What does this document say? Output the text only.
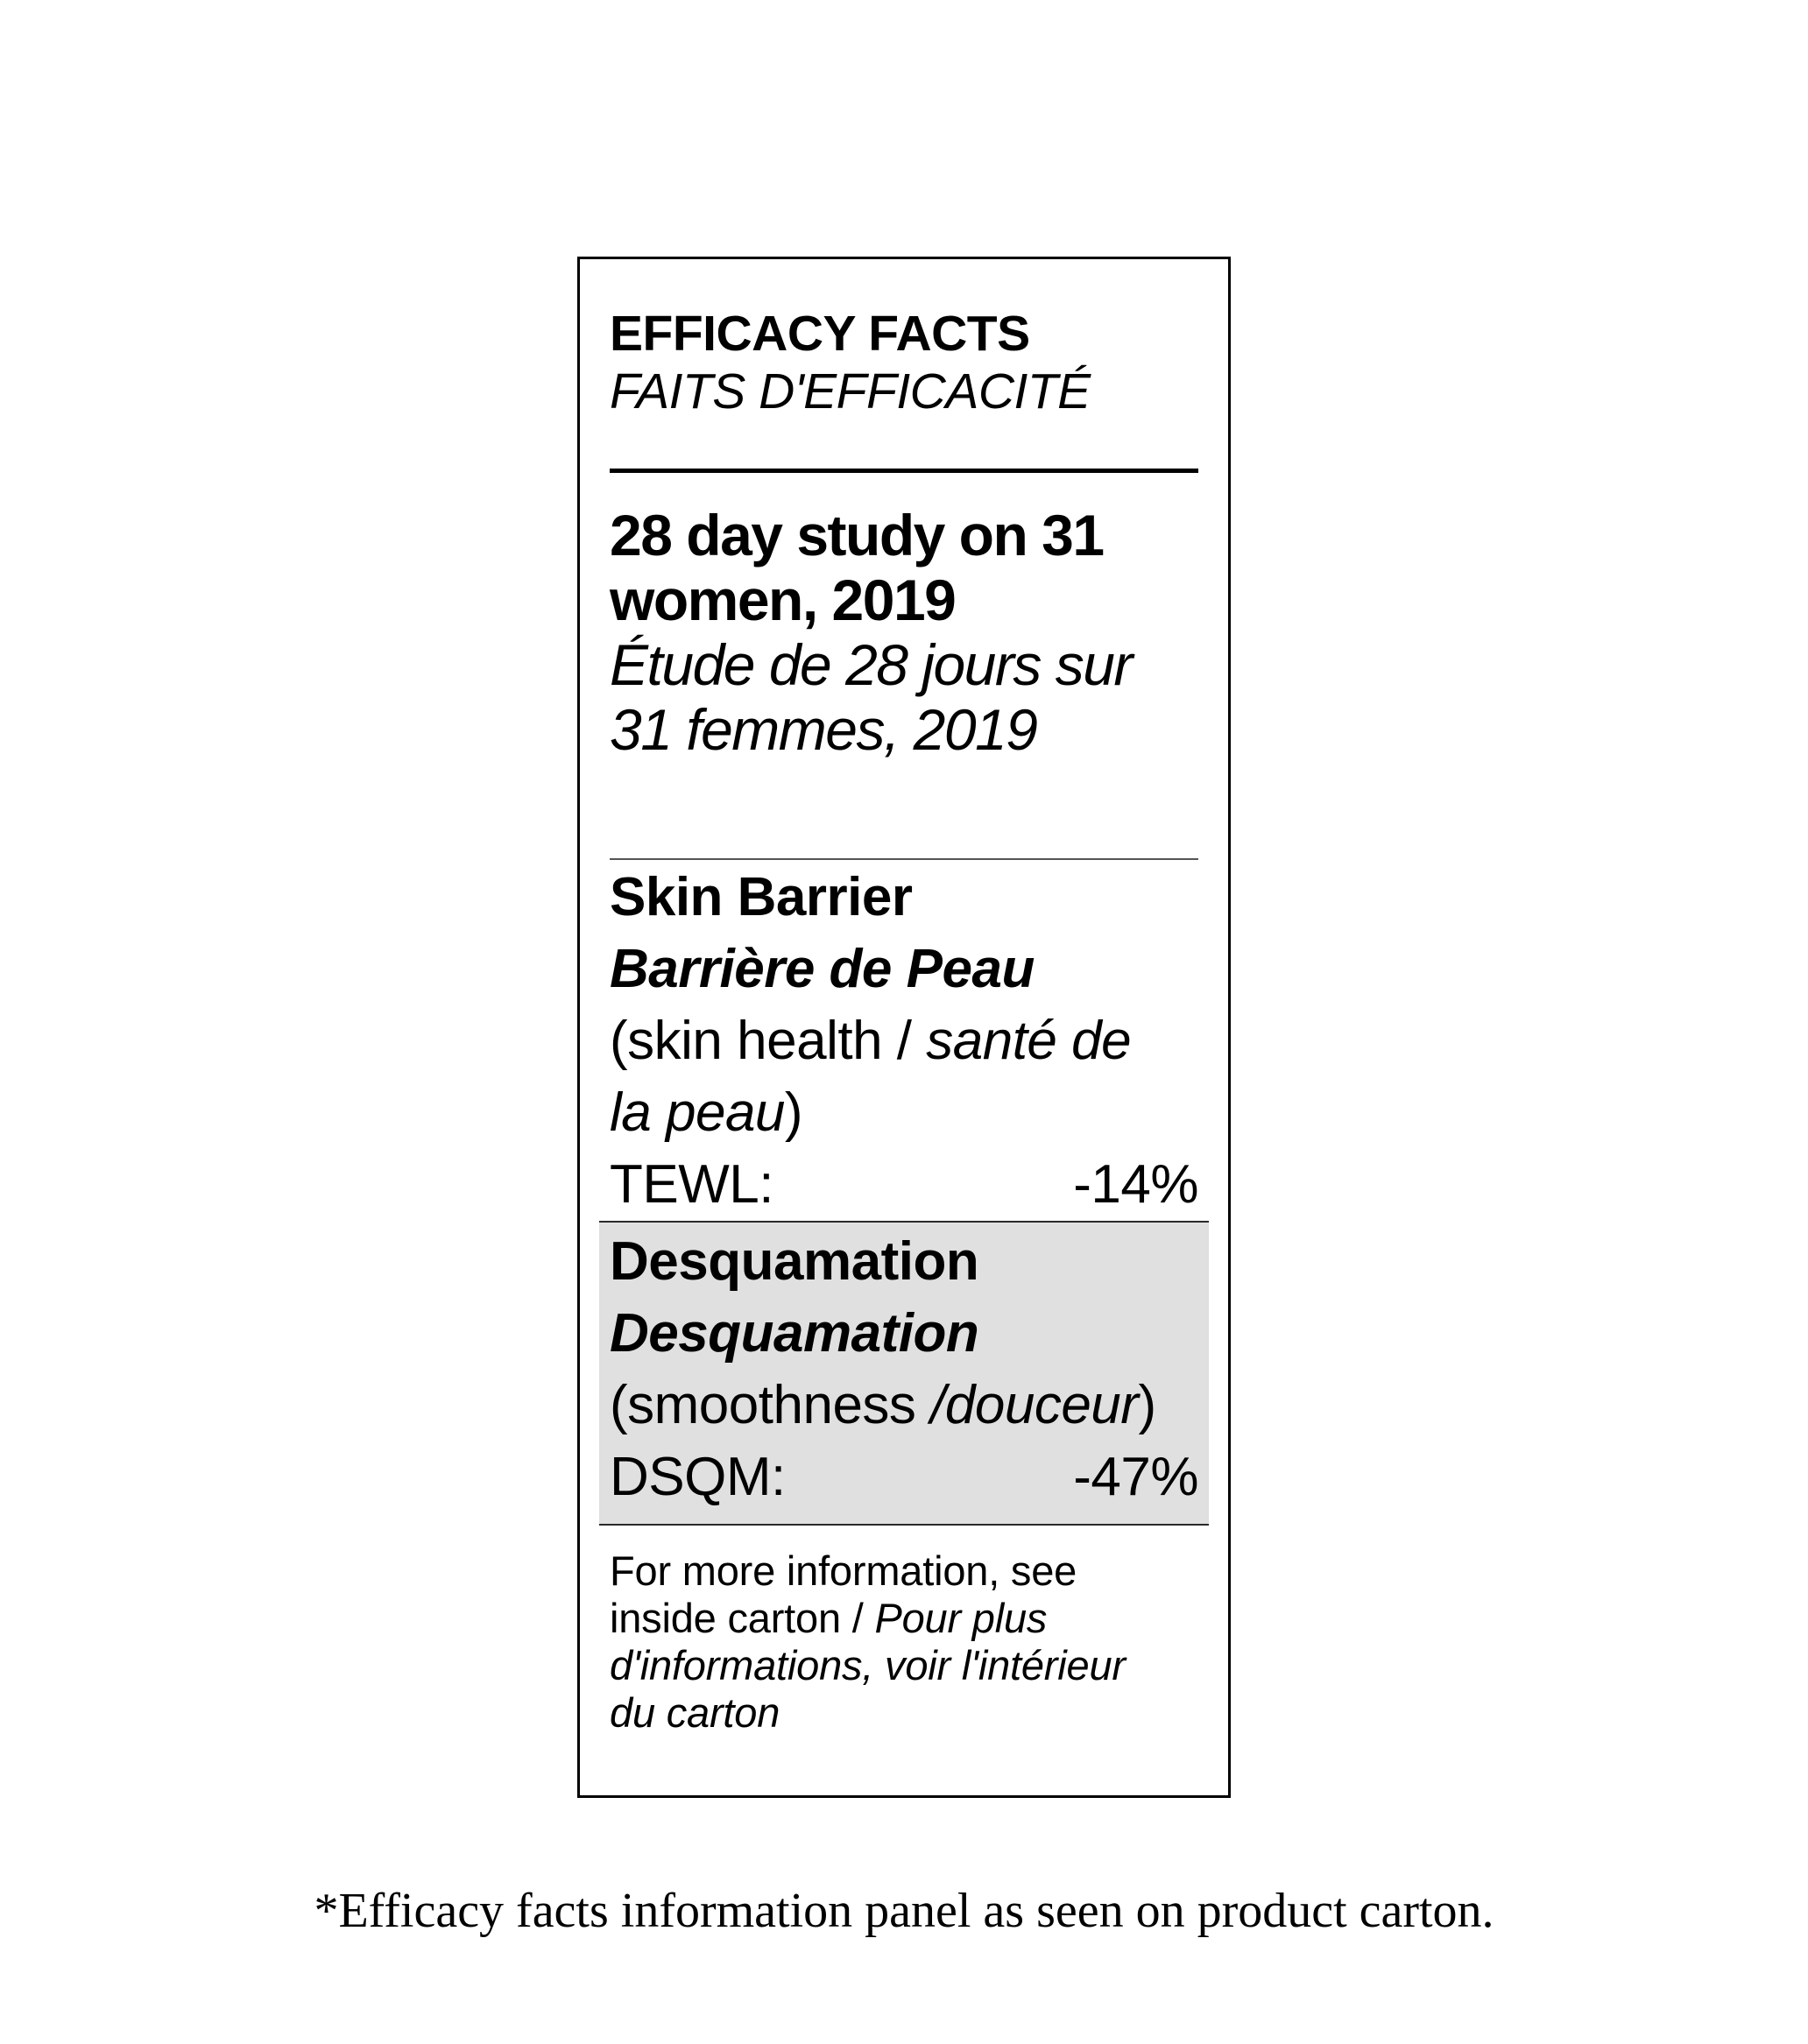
EFFICACY FACTS
FAITS D'EFFICACITÉ
28 day study on 31
women, 2019
Étude de 28 jours sur
31 femmes, 2019
Skin Barrier
Barrière de Peau
(skin health / santé de
la peau)
TEWL:	-14%
Desquamation
Desquamation
(smoothness /douceur)
DSQM:	-47%
For more information, see
inside carton / Pour plus
d'informations, voir l'intérieur
du carton
*Efficacy facts information panel as seen on product carton.
